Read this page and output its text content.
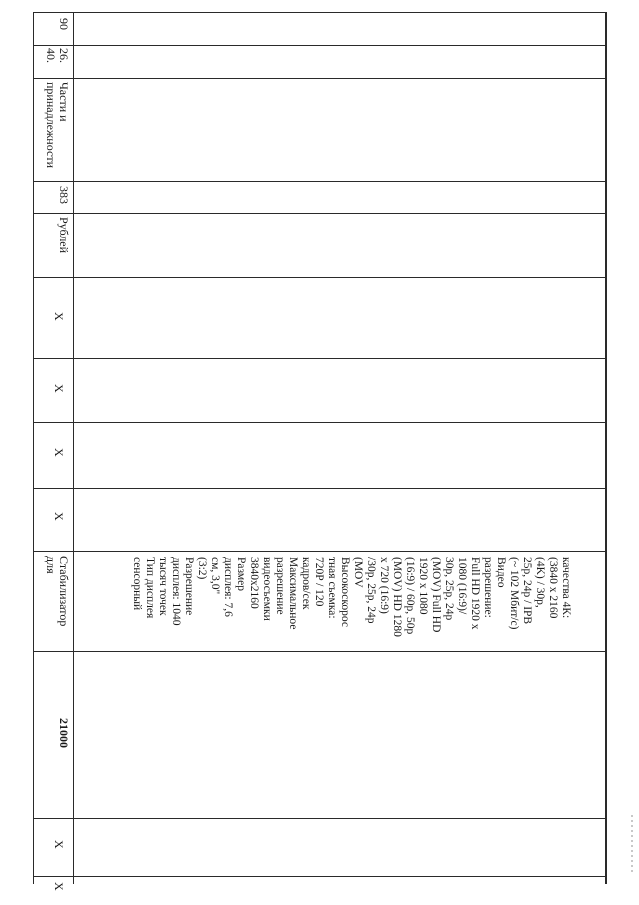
90
26.
40.
Части и
принадлежности
383
Рублей
X
X
X
X
Стабилизатор
для
21000
X
X
качества 4К:
(3840 x 2160
(4K) / 30р,
25р, 24р / IPB
(~ 102 Мбит/с)
Видео
разрешение:
Full HD 1920 x
1080 (16:9)/
30p, 25p, 24p
(MOV) Full HD
1920 x 1080
(16:9) / 60p, 50p
(MOV) HD 1280
x 720 (16:9)
/30p, 25p, 24p
(MOV
Высокоскорос
тная съемка:
720P / 120
кадров/сек
Максимальное
разрешение
видеосъемки
3840x2160
Размер
дисплея: 7,6
см, 3,0"
(3:2)
Разрешение
дисплея: 1040
тысяч точек
Тип дисплея
сенсорный
